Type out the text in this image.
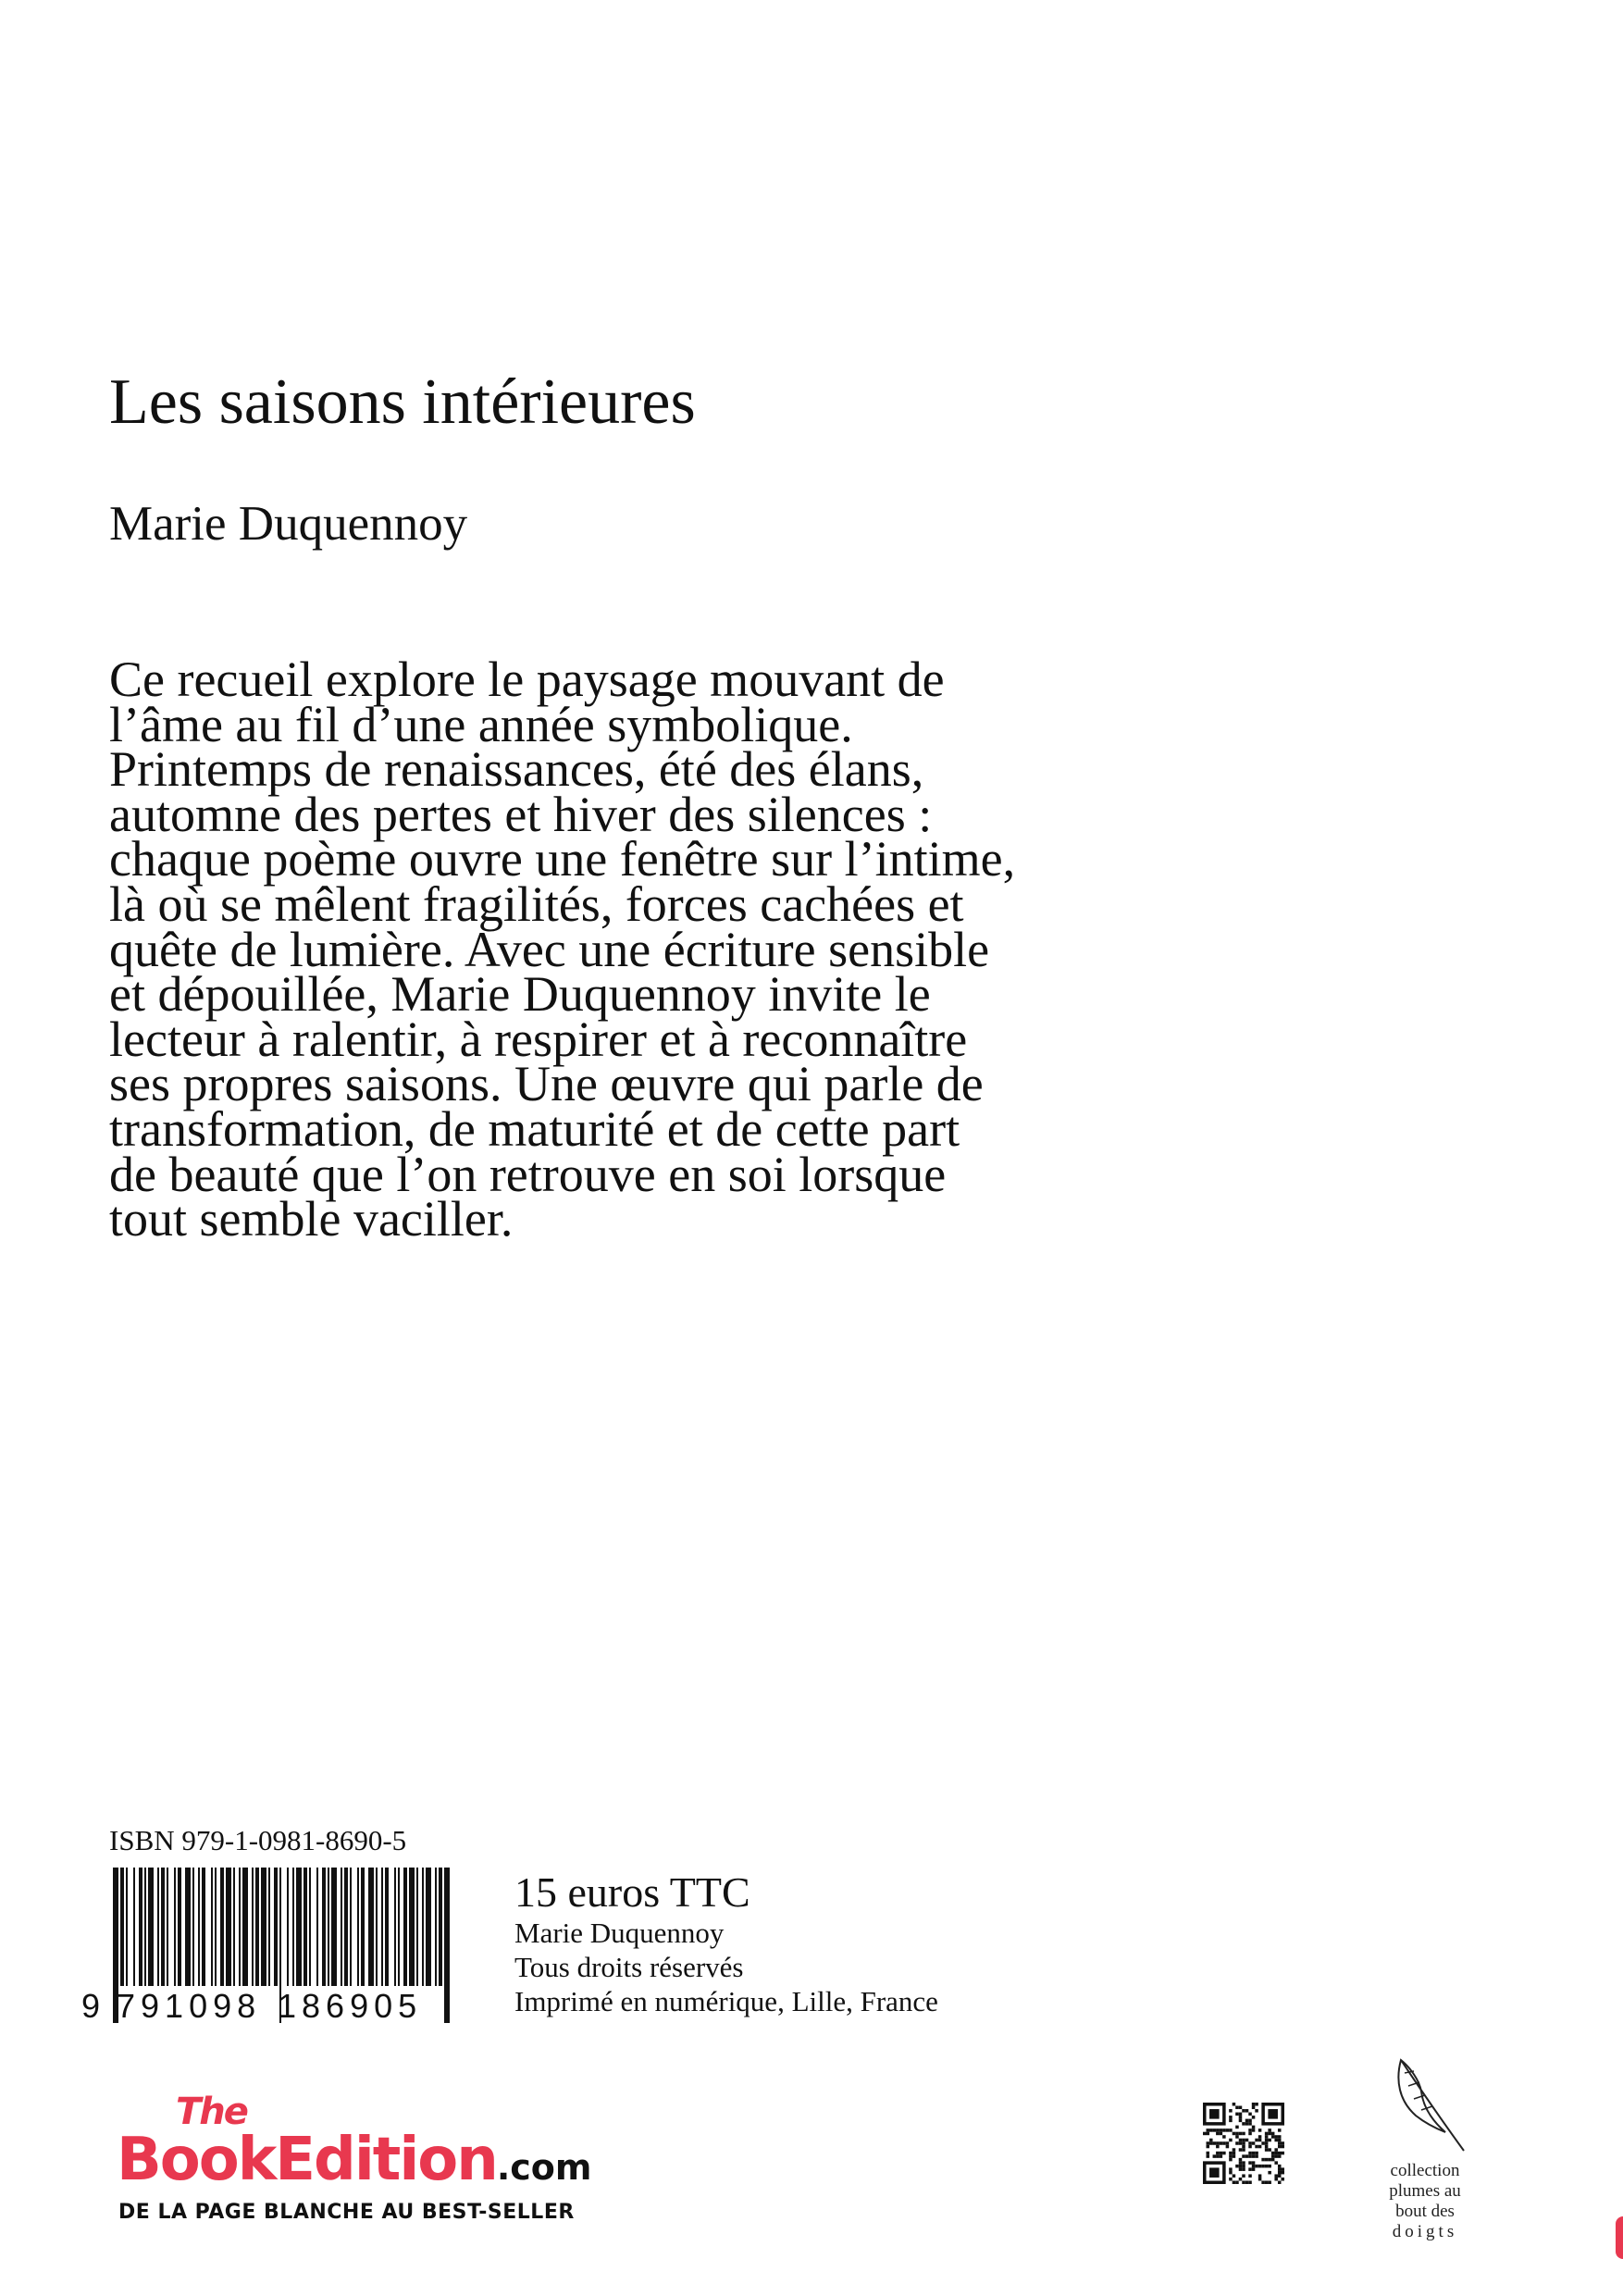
Les saisons intérieures
Marie Duquennoy
Ce recueil explore le paysage mouvant de
l’âme au fil d’une année symbolique.
Printemps de renaissances, été des élans,
automne des pertes et hiver des silences :
chaque poème ouvre une fenêtre sur l’intime,
là où se mêlent fragilités, forces cachées et
quête de lumière. Avec une écriture sensible
et dépouillée, Marie Duquennoy invite le
lecteur à ralentir, à respirer et à reconnaître
ses propres saisons. Une œuvre qui parle de
transformation, de maturité et de cette part
de beauté que l’on retrouve en soi lorsque
tout semble vaciller.
ISBN 979-1-0981-8690-5
9 791098 186905
15 euros TTC
Marie Duquennoy
Tous droits réservés
Imprimé en numérique, Lille, France
The
BookEdition.com
DE LA PAGE BLANCHE AU BEST-SELLER
collection
plumes au
bout des
doigts
